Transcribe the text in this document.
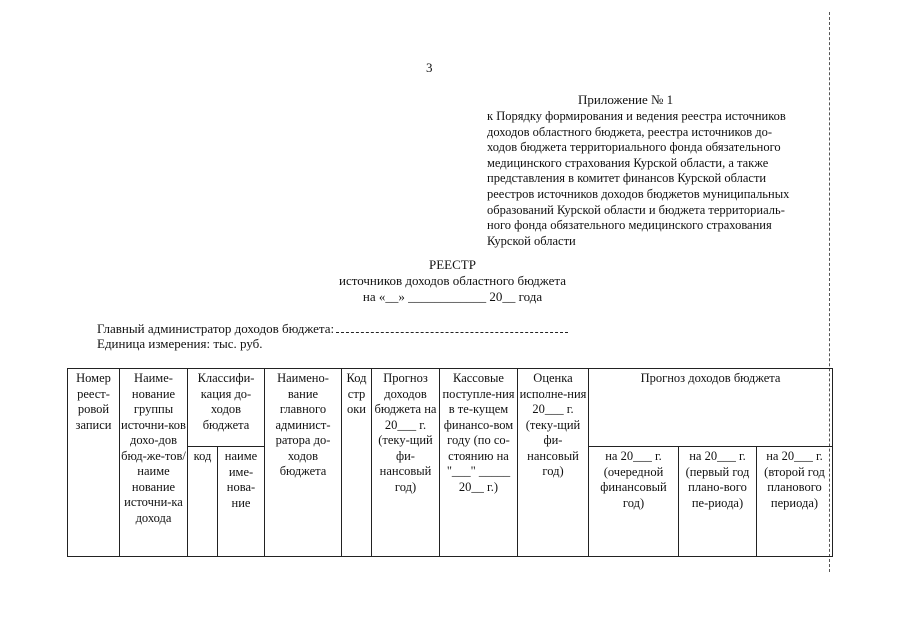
3
Приложение № 1
к Порядку формирования и ведения реестра источников
доходов областного бюджета, реестра источников до-
ходов бюджета территориального фонда обязательного
медицинского страхования Курской области, а также
представления в комитет финансов Курской области
реестров источников доходов бюджетов муниципальных
образований Курской области и бюджета территориаль-
ного фонда обязательного медицинского страхования
Курской области
РЕЕСТР
источников доходов областного бюджета
на «__» ____________ 20__ года
Главный администратор доходов бюджета:
Единица измерения: тыс. руб.
Номер реест-ровой записи	Наиме-нование группы источни-ков дохо-дов бюд-же-тов/наиме нование источни-ка дохода	Классифи-кация до-ходов бюджета		Наимено-вание главного админист-ратора до-ходов бюджета	Код стр оки	Прогноз доходов бюджета на 20___ г. (теку-щий фи-нансовый год)	Кассовые поступле-ния в те-кущем финансо-вом году (по со-стоянию на "___" _____ 20__ г.)	Оценка исполне-ния 20___ г. (теку-щий фи-нансовый год)	Прогноз доходов бюджета		
		код	наиме име-нова-ние						на 20___ г. (очередной финансовый год)	на 20___ г. (первый год плано-вого пе-риода)	на 20___ г. (второй год планового периода)
